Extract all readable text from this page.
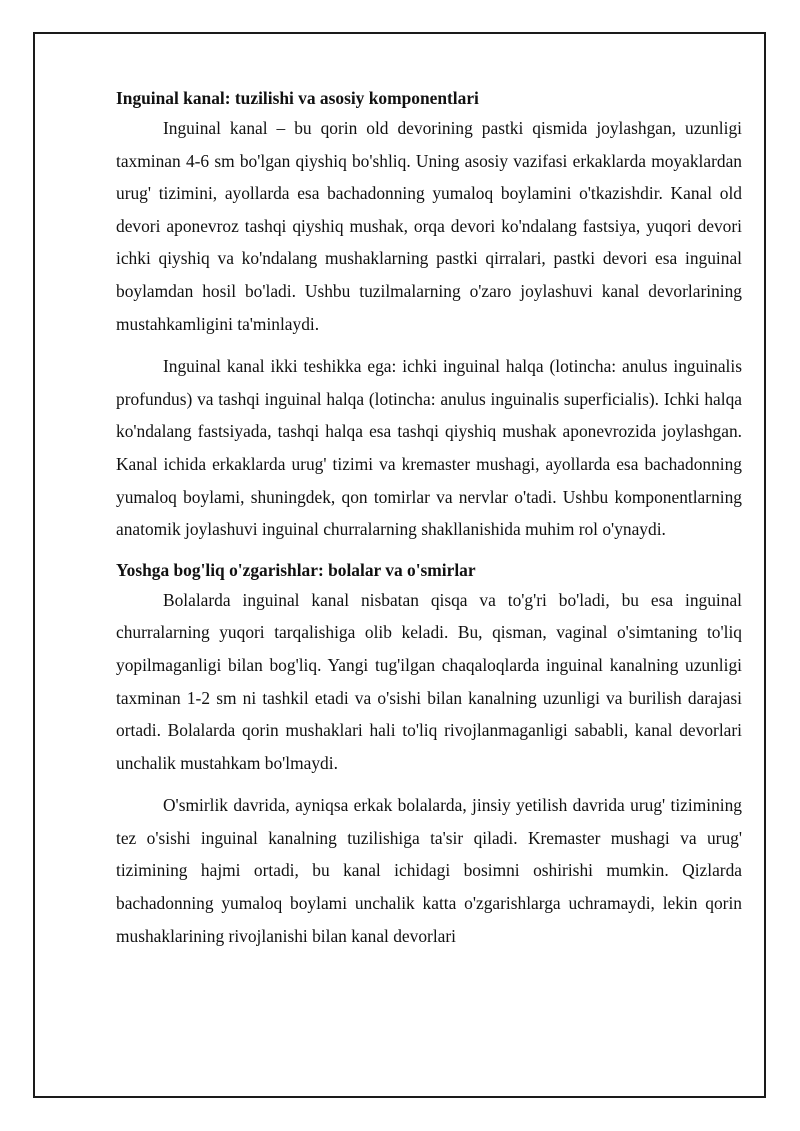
Inguinal kanal: tuzilishi va asosiy komponentlari

Inguinal kanal – bu qorin old devorining pastki qismida joylashgan, uzunligi taxminan 4-6 sm bo'lgan qiyshiq bo'shliq. Uning asosiy vazifasi erkaklarda moyaklardan urug' tizimini, ayollarda esa bachadonning yumaloq boylamini o'tkazishdir. Kanal old devori aponevroz tashqi qiyshiq mushak, orqa devori ko'ndalang fastsiya, yuqori devori ichki qiyshiq va ko'ndalang mushaklarning pastki qirralari, pastki devori esa inguinal boylamdan hosil bo'ladi. Ushbu tuzilmalarning o'zaro joylashuvi kanal devorlarining mustahkamligini ta'minlaydi.

Inguinal kanal ikki teshikka ega: ichki inguinal halqa (lotincha: anulus inguinalis profundus) va tashqi inguinal halqa (lotincha: anulus inguinalis superficialis). Ichki halqa ko'ndalang fastsiyada, tashqi halqa esa tashqi qiyshiq mushak aponevrozida joylashgan. Kanal ichida erkaklarda urug' tizimi va kremaster mushagi, ayollarda esa bachadonning yumaloq boylami, shuningdek, qon tomirlar va nervlar o'tadi. Ushbu komponentlarning anatomik joylashuvi inguinal churralarning shakllanishida muhim rol o'ynaydi.

Yoshga bog'liq o'zgarishlar: bolalar va o'smirlar

Bolalarda inguinal kanal nisbatan qisqa va to'g'ri bo'ladi, bu esa inguinal churralarning yuqori tarqalishiga olib keladi. Bu, qisman, vaginal o'simtaning to'liq yopilmaganligi bilan bog'liq. Yangi tug'ilgan chaqaloqlarda inguinal kanalning uzunligi taxminan 1-2 sm ni tashkil etadi va o'sishi bilan kanalning uzunligi va burilish darajasi ortadi. Bolalarda qorin mushaklari hali to'liq rivojlanmaganligi sababli, kanal devorlari unchalik mustahkam bo'lmaydi.

O'smirlik davrida, ayniqsa erkak bolalarda, jinsiy yetilish davrida urug' tizimining tez o'sishi inguinal kanalning tuzilishiga ta'sir qiladi. Kremaster mushagi va urug' tizimining hajmi ortadi, bu kanal ichidagi bosimni oshirishi mumkin. Qizlarda bachadonning yumaloq boylami unchalik katta o'zgarishlarga uchramaydi, lekin qorin mushaklarining rivojlanishi bilan kanal devorlari
